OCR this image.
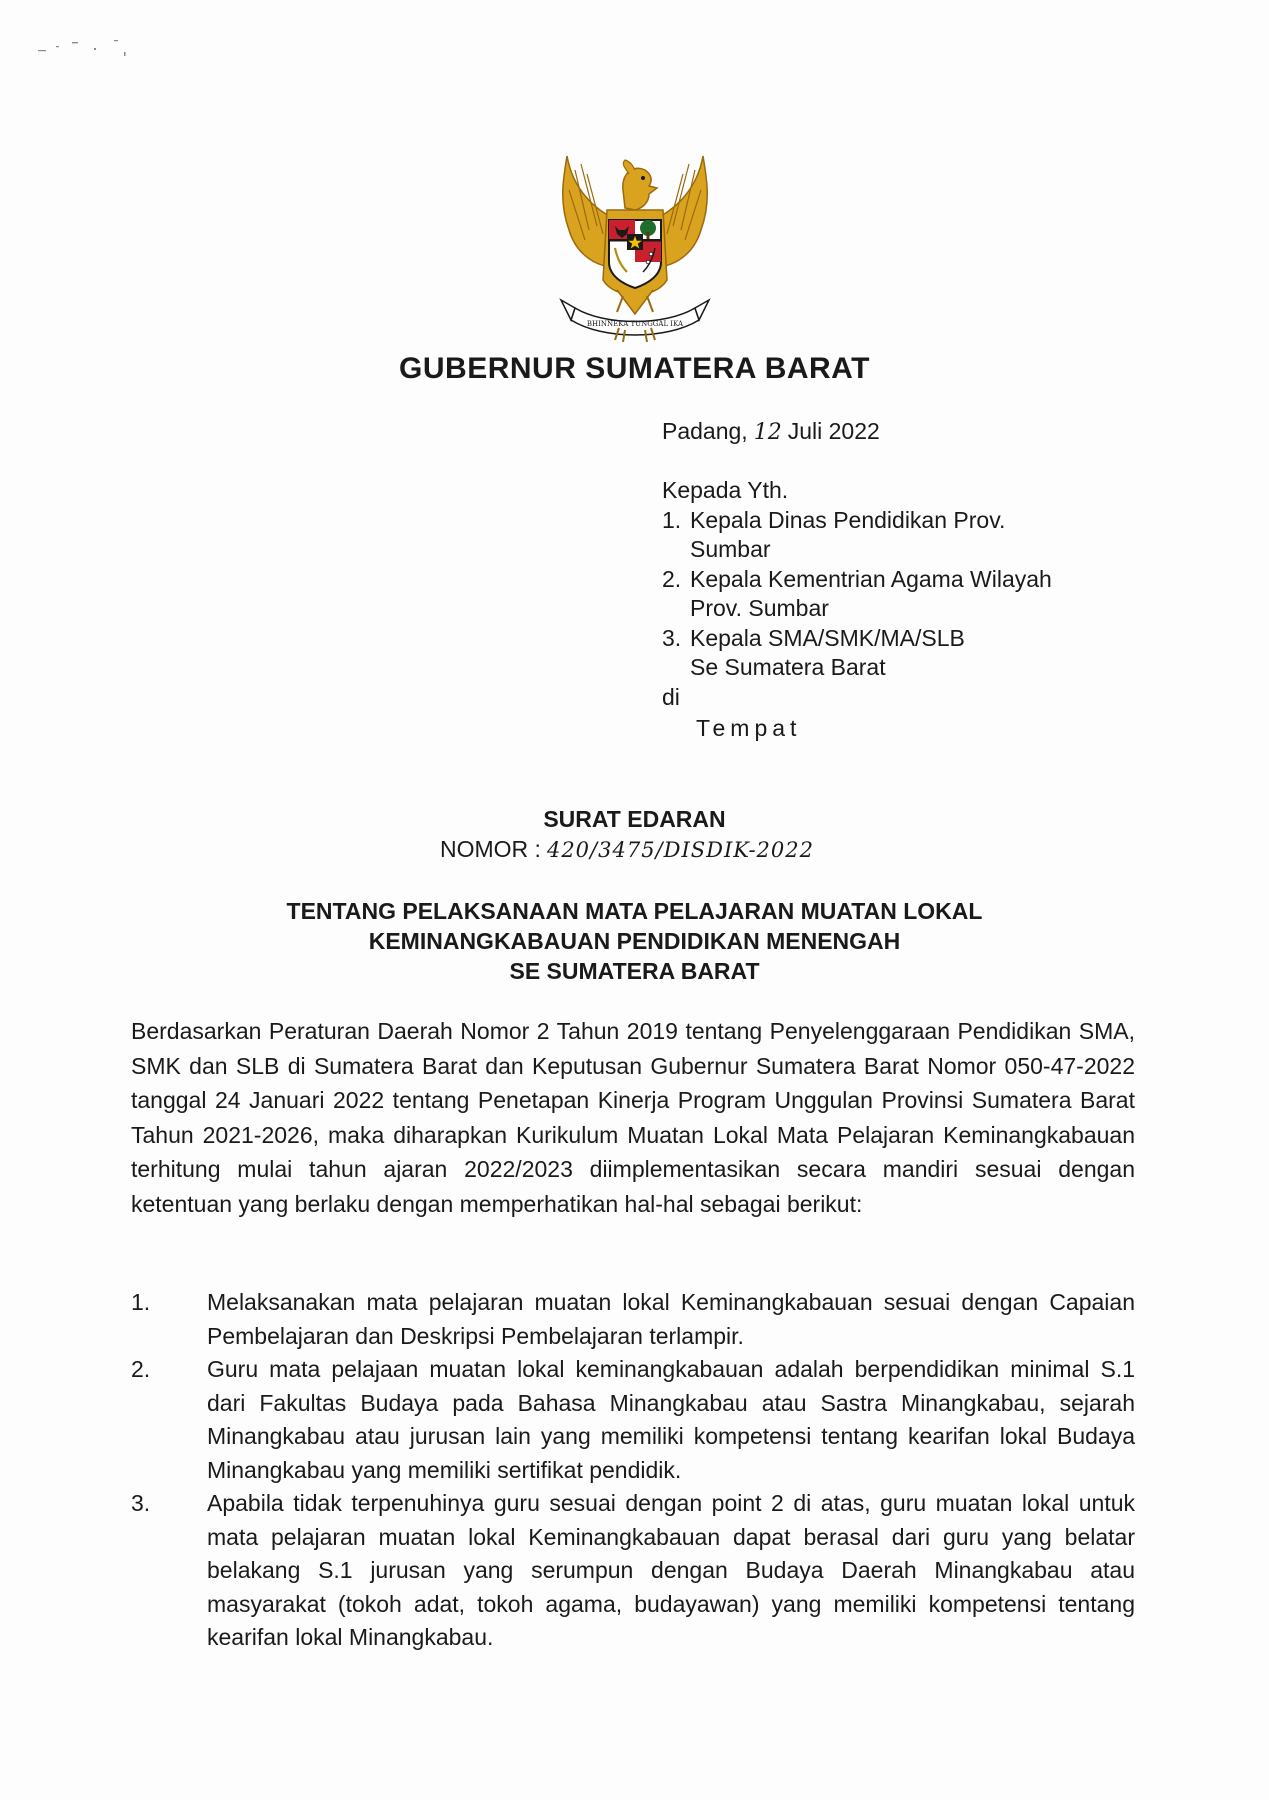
BHINNEKA TUNGGAL IKA
GUBERNUR SUMATERA BARAT
Padang, 12 Juli 2022
Kepada Yth.
1. Kepala Dinas Pendidikan Prov.
Sumbar
2. Kepala Kementrian Agama Wilayah
Prov. Sumbar
3. Kepala SMA/SMK/MA/SLB
Se Sumatera Barat
di
Tempat
SURAT EDARAN
NOMOR : 420/3475/DISDIK-2022
TENTANG PELAKSANAAN MATA PELAJARAN MUATAN LOKAL
KEMINANGKABAUAN PENDIDIKAN MENENGAH
SE SUMATERA BARAT
Berdasarkan Peraturan Daerah Nomor 2 Tahun 2019 tentang Penyelenggaraan Pendidikan SMA, SMK dan SLB di Sumatera Barat dan Keputusan Gubernur Sumatera Barat Nomor 050-47-2022 tanggal 24 Januari 2022 tentang Penetapan Kinerja Program Unggulan Provinsi Sumatera Barat Tahun 2021-2026, maka diharapkan Kurikulum Muatan Lokal Mata Pelajaran Keminangkabauan terhitung mulai tahun ajaran 2022/2023 diimplementasikan secara mandiri sesuai dengan ketentuan yang berlaku dengan memperhatikan hal-hal sebagai berikut:
1.	Melaksanakan mata pelajaran muatan lokal Keminangkabauan sesuai dengan Capaian Pembelajaran dan Deskripsi Pembelajaran terlampir.
2.	Guru mata pelajaan muatan lokal keminangkabauan adalah berpendidikan minimal S.1 dari Fakultas Budaya pada Bahasa Minangkabau atau Sastra Minangkabau, sejarah Minangkabau atau jurusan lain yang memiliki kompetensi tentang kearifan lokal Budaya Minangkabau yang memiliki sertifikat pendidik.
3.	Apabila tidak terpenuhinya guru sesuai dengan point 2 di atas, guru muatan lokal untuk mata pelajaran muatan lokal Keminangkabauan dapat berasal dari guru yang belatar belakang S.1 jurusan yang serumpun dengan Budaya Daerah Minangkabau atau masyarakat (tokoh adat, tokoh agama, budayawan) yang memiliki kompetensi tentang kearifan lokal Minangkabau.
